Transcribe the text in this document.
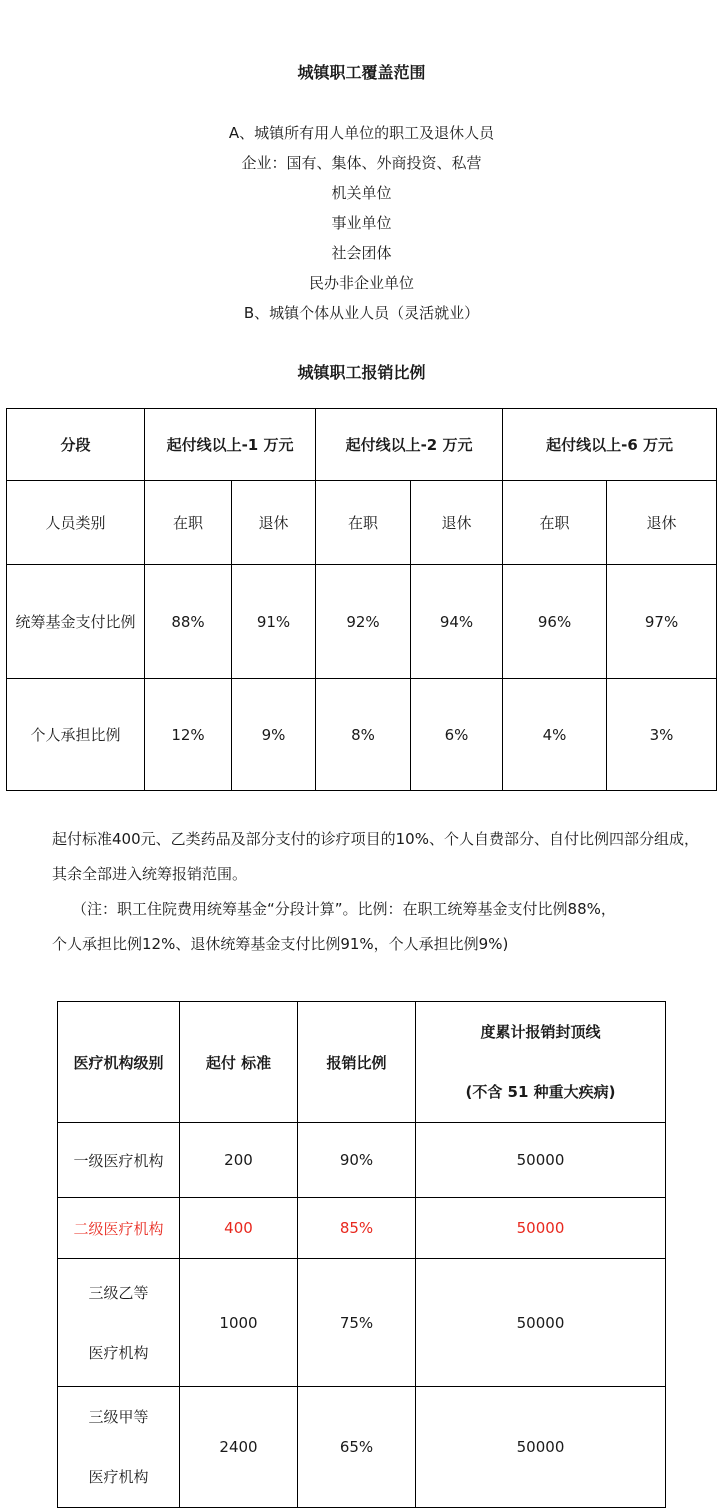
城镇职工覆盖范围
A、城镇所有用人单位的职工及退休人员
企业：国有、集体、外商投资、私营
机关单位
事业单位
社会团体
民办非企业单位
B、城镇个体从业人员（灵活就业）
城镇职工报销比例
分段	起付线以上-1 万元		起付线以上-2 万元		起付线以上-6 万元	
人员类别	在职	退休	在职	退休	在职	退休
统筹基金支付比例	88%	91%	92%	94%	96%	97%
个人承担比例	12%	9%	8%	6%	4%	3%

起付标准400元、乙类药品及部分支付的诊疗项目的10%、个人自费部分、自付比例四部分组成，其余全部进入统筹报销范围。

（注：职工住院费用统筹基金“分段计算”。比例：在职工统筹基金支付比例88%，

个人承担比例12%、退休统筹基金支付比例91%，个人承担比例9%)

医疗机构级别	起付 标准	报销比例	度累计报销封顶线
(不含 51 种重大疾病)

一级医疗机构	200	90%	50000
二级医疗机构	400	85%	50000

三级乙等
医疗机构	1000	75%	50000

三级甲等
医疗机构	2400	65%	50000
